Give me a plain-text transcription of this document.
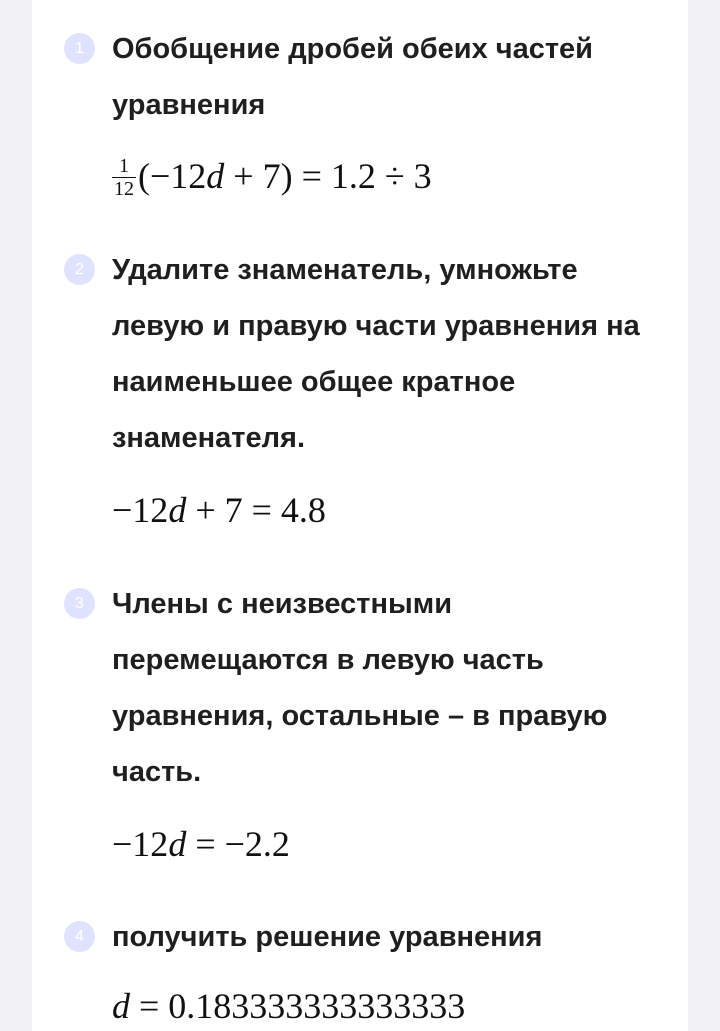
1 Обобщение дробей обеих частей уравнения
$\frac{1}{12} (-12d + 7) = 1.2 \div 3$
2 Удалите знаменатель, умножьте левую и правую части уравнения на наименьшее общее кратное знаменателя.
−12d + 7 = 4.8
3 Члены с неизвестными перемещаются в левую часть уравнения, остальные – в правую часть.
−12d = −2.2
4 получить решение уравнения
d = 0.183333333333333
